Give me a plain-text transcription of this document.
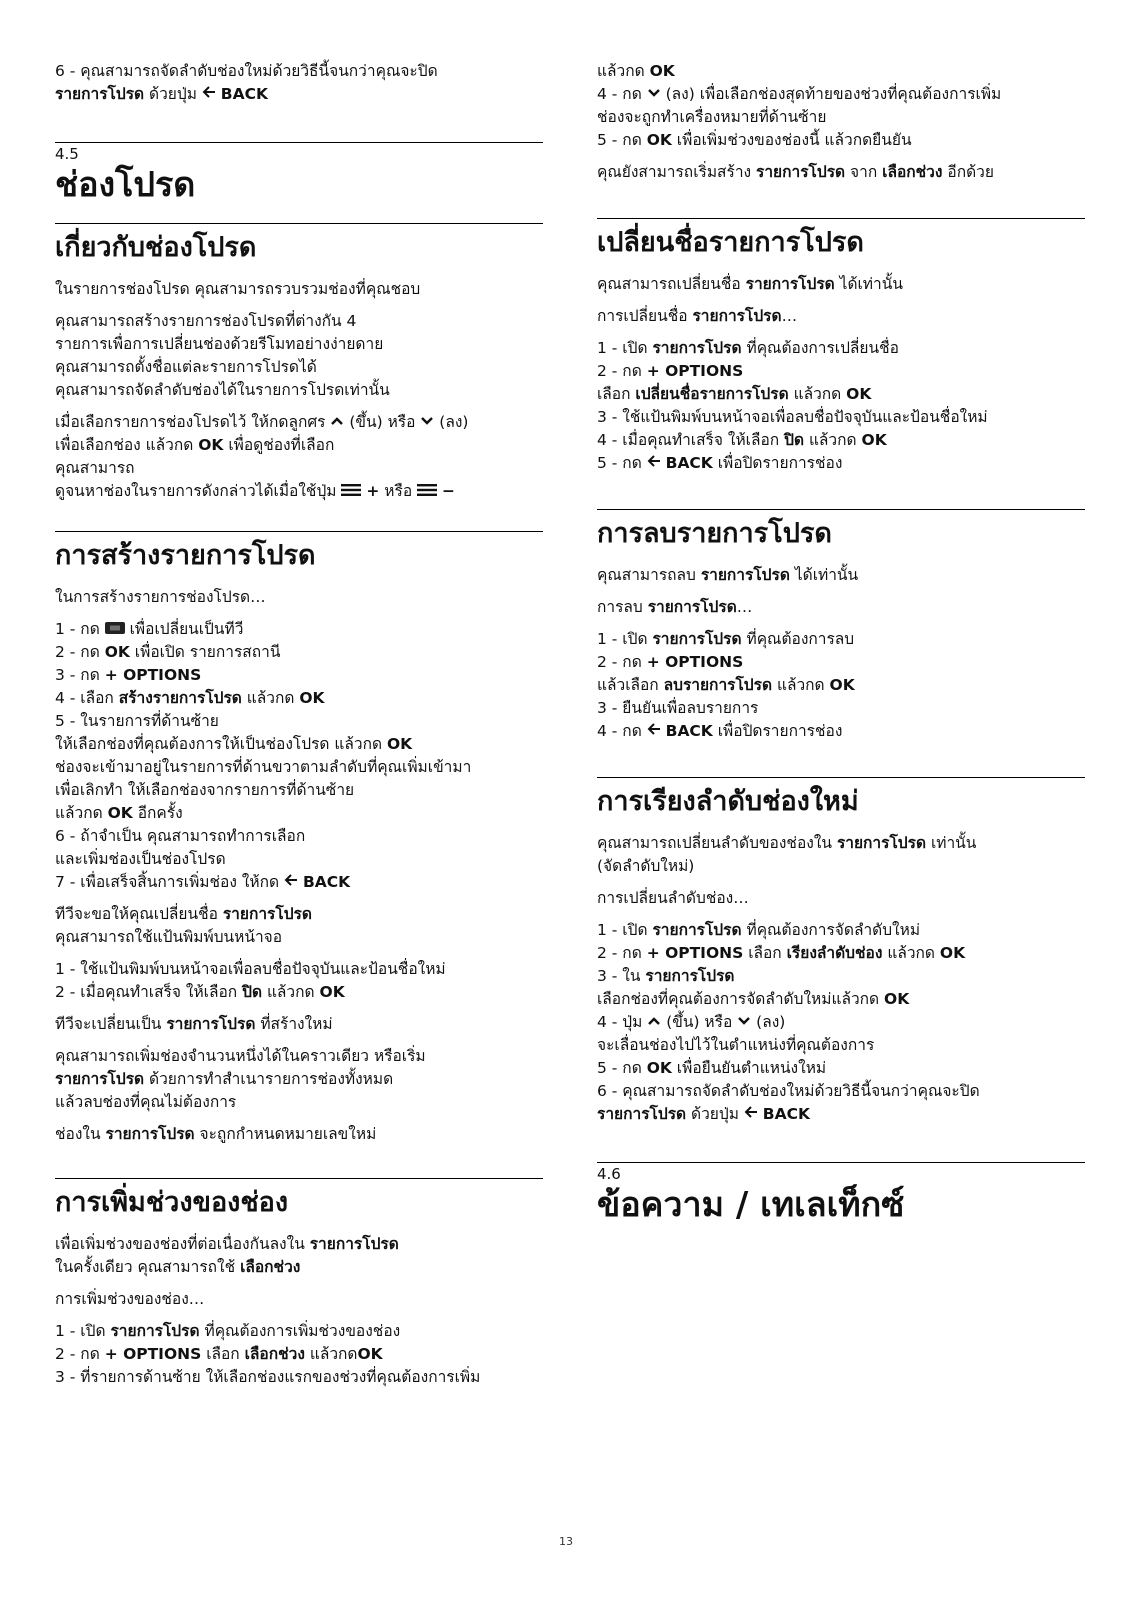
6 - คุณสามารถจัดลำดับช่องใหม่ด้วยวิธีนี้จนกว่าคุณจะปิด
รายการโปรด ด้วยปุ่ม  BACK
4.5
ช่องโปรด
เกี่ยวกับช่องโปรด
ในรายการช่องโปรด คุณสามารถรวบรวมช่องที่คุณชอบ
คุณสามารถสร้างรายการช่องโปรดที่ต่างกัน 4
รายการเพื่อการเปลี่ยนช่องด้วยรีโมทอย่างง่ายดาย
คุณสามารถตั้งชื่อแต่ละรายการโปรดได้
คุณสามารถจัดลำดับช่องได้ในรายการโปรดเท่านั้น
เมื่อเลือกรายการช่องโปรดไว้ ให้กดลูกศร  (ขึ้น) หรือ  (ลง)
เพื่อเลือกช่อง แล้วกด OK เพื่อดูช่องที่เลือก
คุณสามารถ
ดูจนหาช่องในรายการดังกล่าวได้เมื่อใช้ปุ่ม  + หรือ  −
การสร้างรายการโปรด
ในการสร้างรายการช่องโปรด…
1 - กด  เพื่อเปลี่ยนเป็นทีวี
2 - กด OK เพื่อเปิด รายการสถานี
3 - กด + OPTIONS
4 - เลือก สร้างรายการโปรด แล้วกด OK
5 - ในรายการที่ด้านซ้าย
ให้เลือกช่องที่คุณต้องการให้เป็นช่องโปรด แล้วกด OK
ช่องจะเข้ามาอยู่ในรายการที่ด้านขวาตามลำดับที่คุณเพิ่มเข้ามา
เพื่อเลิกทำ ให้เลือกช่องจากรายการที่ด้านซ้าย
แล้วกด OK อีกครั้ง
6 - ถ้าจำเป็น คุณสามารถทำการเลือก
และเพิ่มช่องเป็นช่องโปรด
7 - เพื่อเสร็จสิ้นการเพิ่มช่อง ให้กด  BACK
ทีวีจะขอให้คุณเปลี่ยนชื่อ รายการโปรด
คุณสามารถใช้แป้นพิมพ์บนหน้าจอ
1 - ใช้แป้นพิมพ์บนหน้าจอเพื่อลบชื่อปัจจุบันและป้อนชื่อใหม่
2 - เมื่อคุณทำเสร็จ ให้เลือก ปิด แล้วกด OK
ทีวีจะเปลี่ยนเป็น รายการโปรด ที่สร้างใหม่
คุณสามารถเพิ่มช่องจำนวนหนึ่งได้ในคราวเดียว หรือเริ่ม
รายการโปรด ด้วยการทำสำเนารายการช่องทั้งหมด
แล้วลบช่องที่คุณไม่ต้องการ
ช่องใน รายการโปรด จะถูกกำหนดหมายเลขใหม่
การเพิ่มช่วงของช่อง
เพื่อเพิ่มช่วงของช่องที่ต่อเนื่องกันลงใน รายการโปรด
ในครั้งเดียว คุณสามารถใช้ เลือกช่วง
การเพิ่มช่วงของช่อง…
1 - เปิด รายการโปรด ที่คุณต้องการเพิ่มช่วงของช่อง
2 - กด + OPTIONS เลือก เลือกช่วง แล้วกดOK
3 - ที่รายการด้านซ้าย ให้เลือกช่องแรกของช่วงที่คุณต้องการเพิ่ม
แล้วกด OK
4 - กด  (ลง) เพื่อเลือกช่องสุดท้ายของช่วงที่คุณต้องการเพิ่ม
ช่องจะถูกทำเครื่องหมายที่ด้านซ้าย
5 - กด OK เพื่อเพิ่มช่วงของช่องนี้ แล้วกดยืนยัน
คุณยังสามารถเริ่มสร้าง รายการโปรด จาก เลือกช่วง อีกด้วย
เปลี่ยนชื่อรายการโปรด
คุณสามารถเปลี่ยนชื่อ รายการโปรด ได้เท่านั้น
การเปลี่ยนชื่อ รายการโปรด…
1 - เปิด รายการโปรด ที่คุณต้องการเปลี่ยนชื่อ
2 - กด + OPTIONS
เลือก เปลี่ยนชื่อรายการโปรด แล้วกด OK
3 - ใช้แป้นพิมพ์บนหน้าจอเพื่อลบชื่อปัจจุบันและป้อนชื่อใหม่
4 - เมื่อคุณทำเสร็จ ให้เลือก ปิด แล้วกด OK
5 - กด  BACK เพื่อปิดรายการช่อง
การลบรายการโปรด
คุณสามารถลบ รายการโปรด ได้เท่านั้น
การลบ รายการโปรด…
1 - เปิด รายการโปรด ที่คุณต้องการลบ
2 - กด + OPTIONS
แล้วเลือก ลบรายการโปรด แล้วกด OK
3 - ยืนยันเพื่อลบรายการ
4 - กด  BACK เพื่อปิดรายการช่อง
การเรียงลำดับช่องใหม่
คุณสามารถเปลี่ยนลำดับของช่องใน รายการโปรด เท่านั้น
(จัดลำดับใหม่)
การเปลี่ยนลำดับช่อง…
1 - เปิด รายการโปรด ที่คุณต้องการจัดลำดับใหม่
2 - กด + OPTIONS เลือก เรียงลำดับช่อง แล้วกด OK
3 - ใน รายการโปรด
เลือกช่องที่คุณต้องการจัดลำดับใหม่แล้วกด OK
4 - ปุ่ม  (ขึ้น) หรือ  (ลง)
จะเลื่อนช่องไปไว้ในตำแหน่งที่คุณต้องการ
5 - กด OK เพื่อยืนยันตำแหน่งใหม่
6 - คุณสามารถจัดลำดับช่องใหม่ด้วยวิธีนี้จนกว่าคุณจะปิด
รายการโปรด ด้วยปุ่ม  BACK
4.6
ข้อความ / เทเลเท็กซ์
13
